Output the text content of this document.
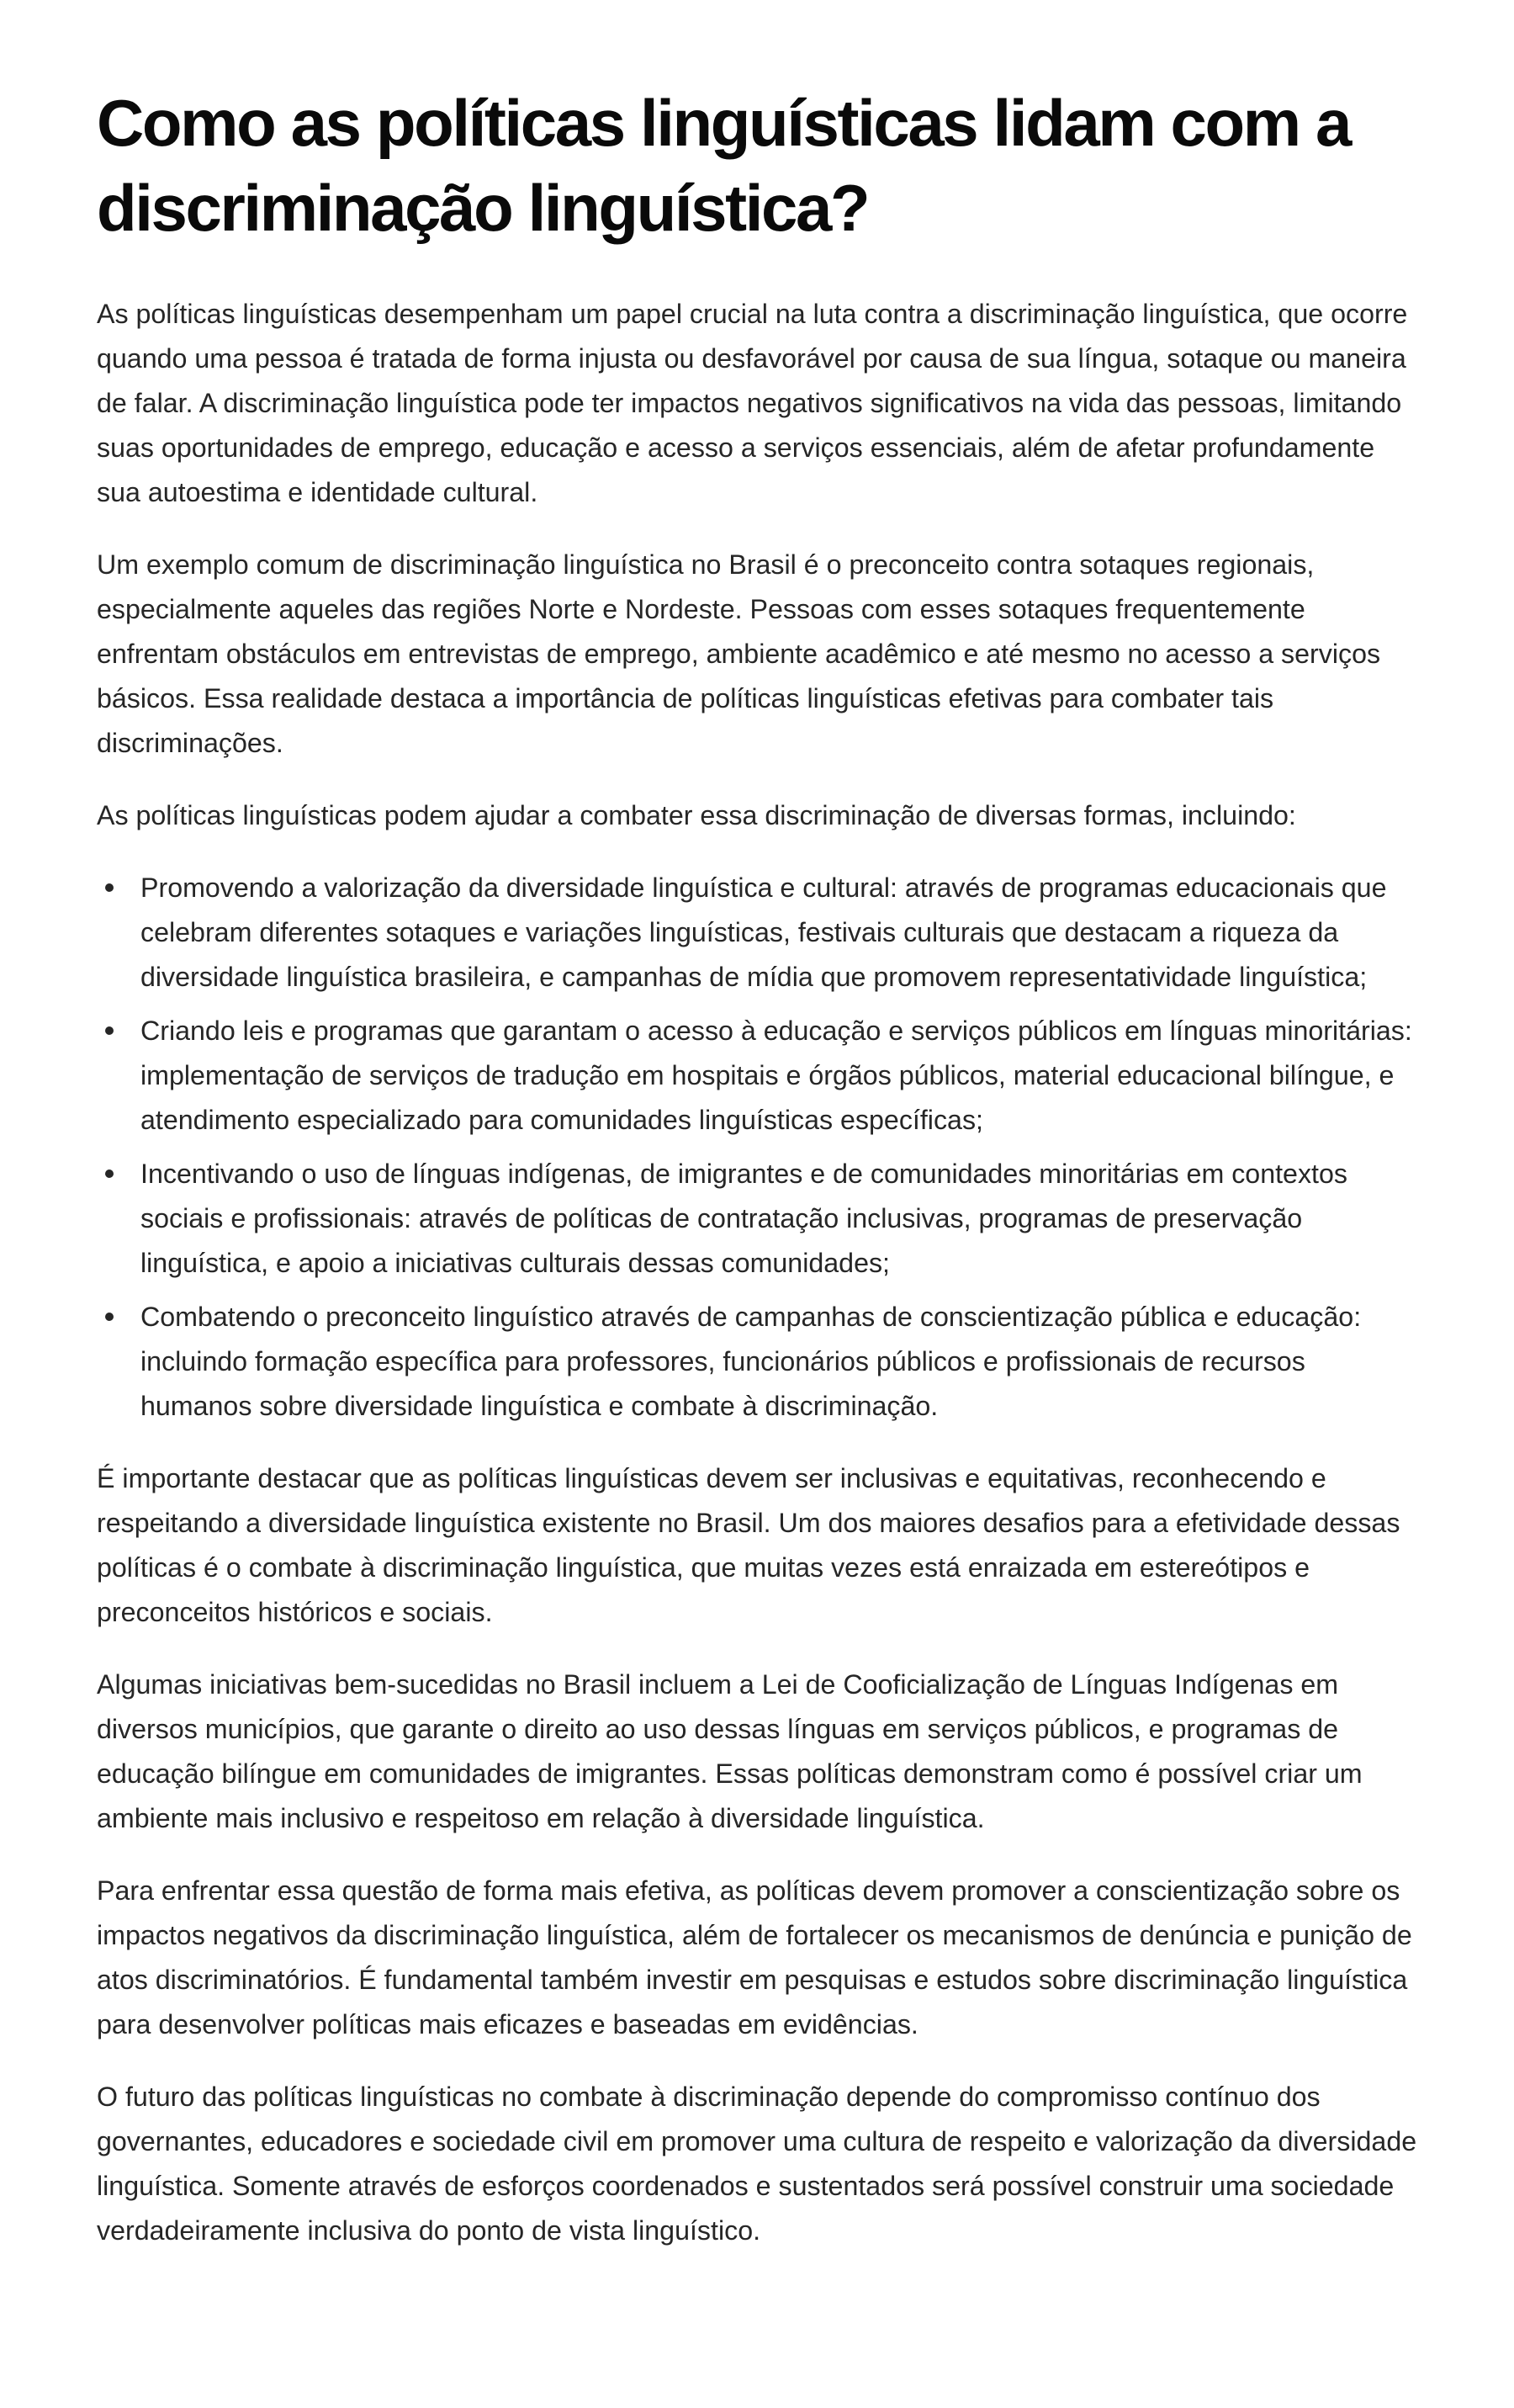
Como as políticas linguísticas lidam com a discriminação linguística?

As políticas linguísticas desempenham um papel crucial na luta contra a discriminação linguística, que ocorre quando uma pessoa é tratada de forma injusta ou desfavorável por causa de sua língua, sotaque ou maneira de falar. A discriminação linguística pode ter impactos negativos significativos na vida das pessoas, limitando suas oportunidades de emprego, educação e acesso a serviços essenciais, além de afetar profundamente sua autoestima e identidade cultural.

Um exemplo comum de discriminação linguística no Brasil é o preconceito contra sotaques regionais, especialmente aqueles das regiões Norte e Nordeste. Pessoas com esses sotaques frequentemente enfrentam obstáculos em entrevistas de emprego, ambiente acadêmico e até mesmo no acesso a serviços básicos. Essa realidade destaca a importância de políticas linguísticas efetivas para combater tais discriminações.

As políticas linguísticas podem ajudar a combater essa discriminação de diversas formas, incluindo:

Promovendo a valorização da diversidade linguística e cultural: através de programas educacionais que celebram diferentes sotaques e variações linguísticas, festivais culturais que destacam a riqueza da diversidade linguística brasileira, e campanhas de mídia que promovem representatividade linguística;
Criando leis e programas que garantam o acesso à educação e serviços públicos em línguas minoritárias: implementação de serviços de tradução em hospitais e órgãos públicos, material educacional bilíngue, e atendimento especializado para comunidades linguísticas específicas;
Incentivando o uso de línguas indígenas, de imigrantes e de comunidades minoritárias em contextos sociais e profissionais: através de políticas de contratação inclusivas, programas de preservação linguística, e apoio a iniciativas culturais dessas comunidades;
Combatendo o preconceito linguístico através de campanhas de conscientização pública e educação: incluindo formação específica para professores, funcionários públicos e profissionais de recursos humanos sobre diversidade linguística e combate à discriminação.

É importante destacar que as políticas linguísticas devem ser inclusivas e equitativas, reconhecendo e respeitando a diversidade linguística existente no Brasil. Um dos maiores desafios para a efetividade dessas políticas é o combate à discriminação linguística, que muitas vezes está enraizada em estereótipos e preconceitos históricos e sociais.

Algumas iniciativas bem-sucedidas no Brasil incluem a Lei de Cooficialização de Línguas Indígenas em diversos municípios, que garante o direito ao uso dessas línguas em serviços públicos, e programas de educação bilíngue em comunidades de imigrantes. Essas políticas demonstram como é possível criar um ambiente mais inclusivo e respeitoso em relação à diversidade linguística.

Para enfrentar essa questão de forma mais efetiva, as políticas devem promover a conscientização sobre os impactos negativos da discriminação linguística, além de fortalecer os mecanismos de denúncia e punição de atos discriminatórios. É fundamental também investir em pesquisas e estudos sobre discriminação linguística para desenvolver políticas mais eficazes e baseadas em evidências.

O futuro das políticas linguísticas no combate à discriminação depende do compromisso contínuo dos governantes, educadores e sociedade civil em promover uma cultura de respeito e valorização da diversidade linguística. Somente através de esforços coordenados e sustentados será possível construir uma sociedade verdadeiramente inclusiva do ponto de vista linguístico.
